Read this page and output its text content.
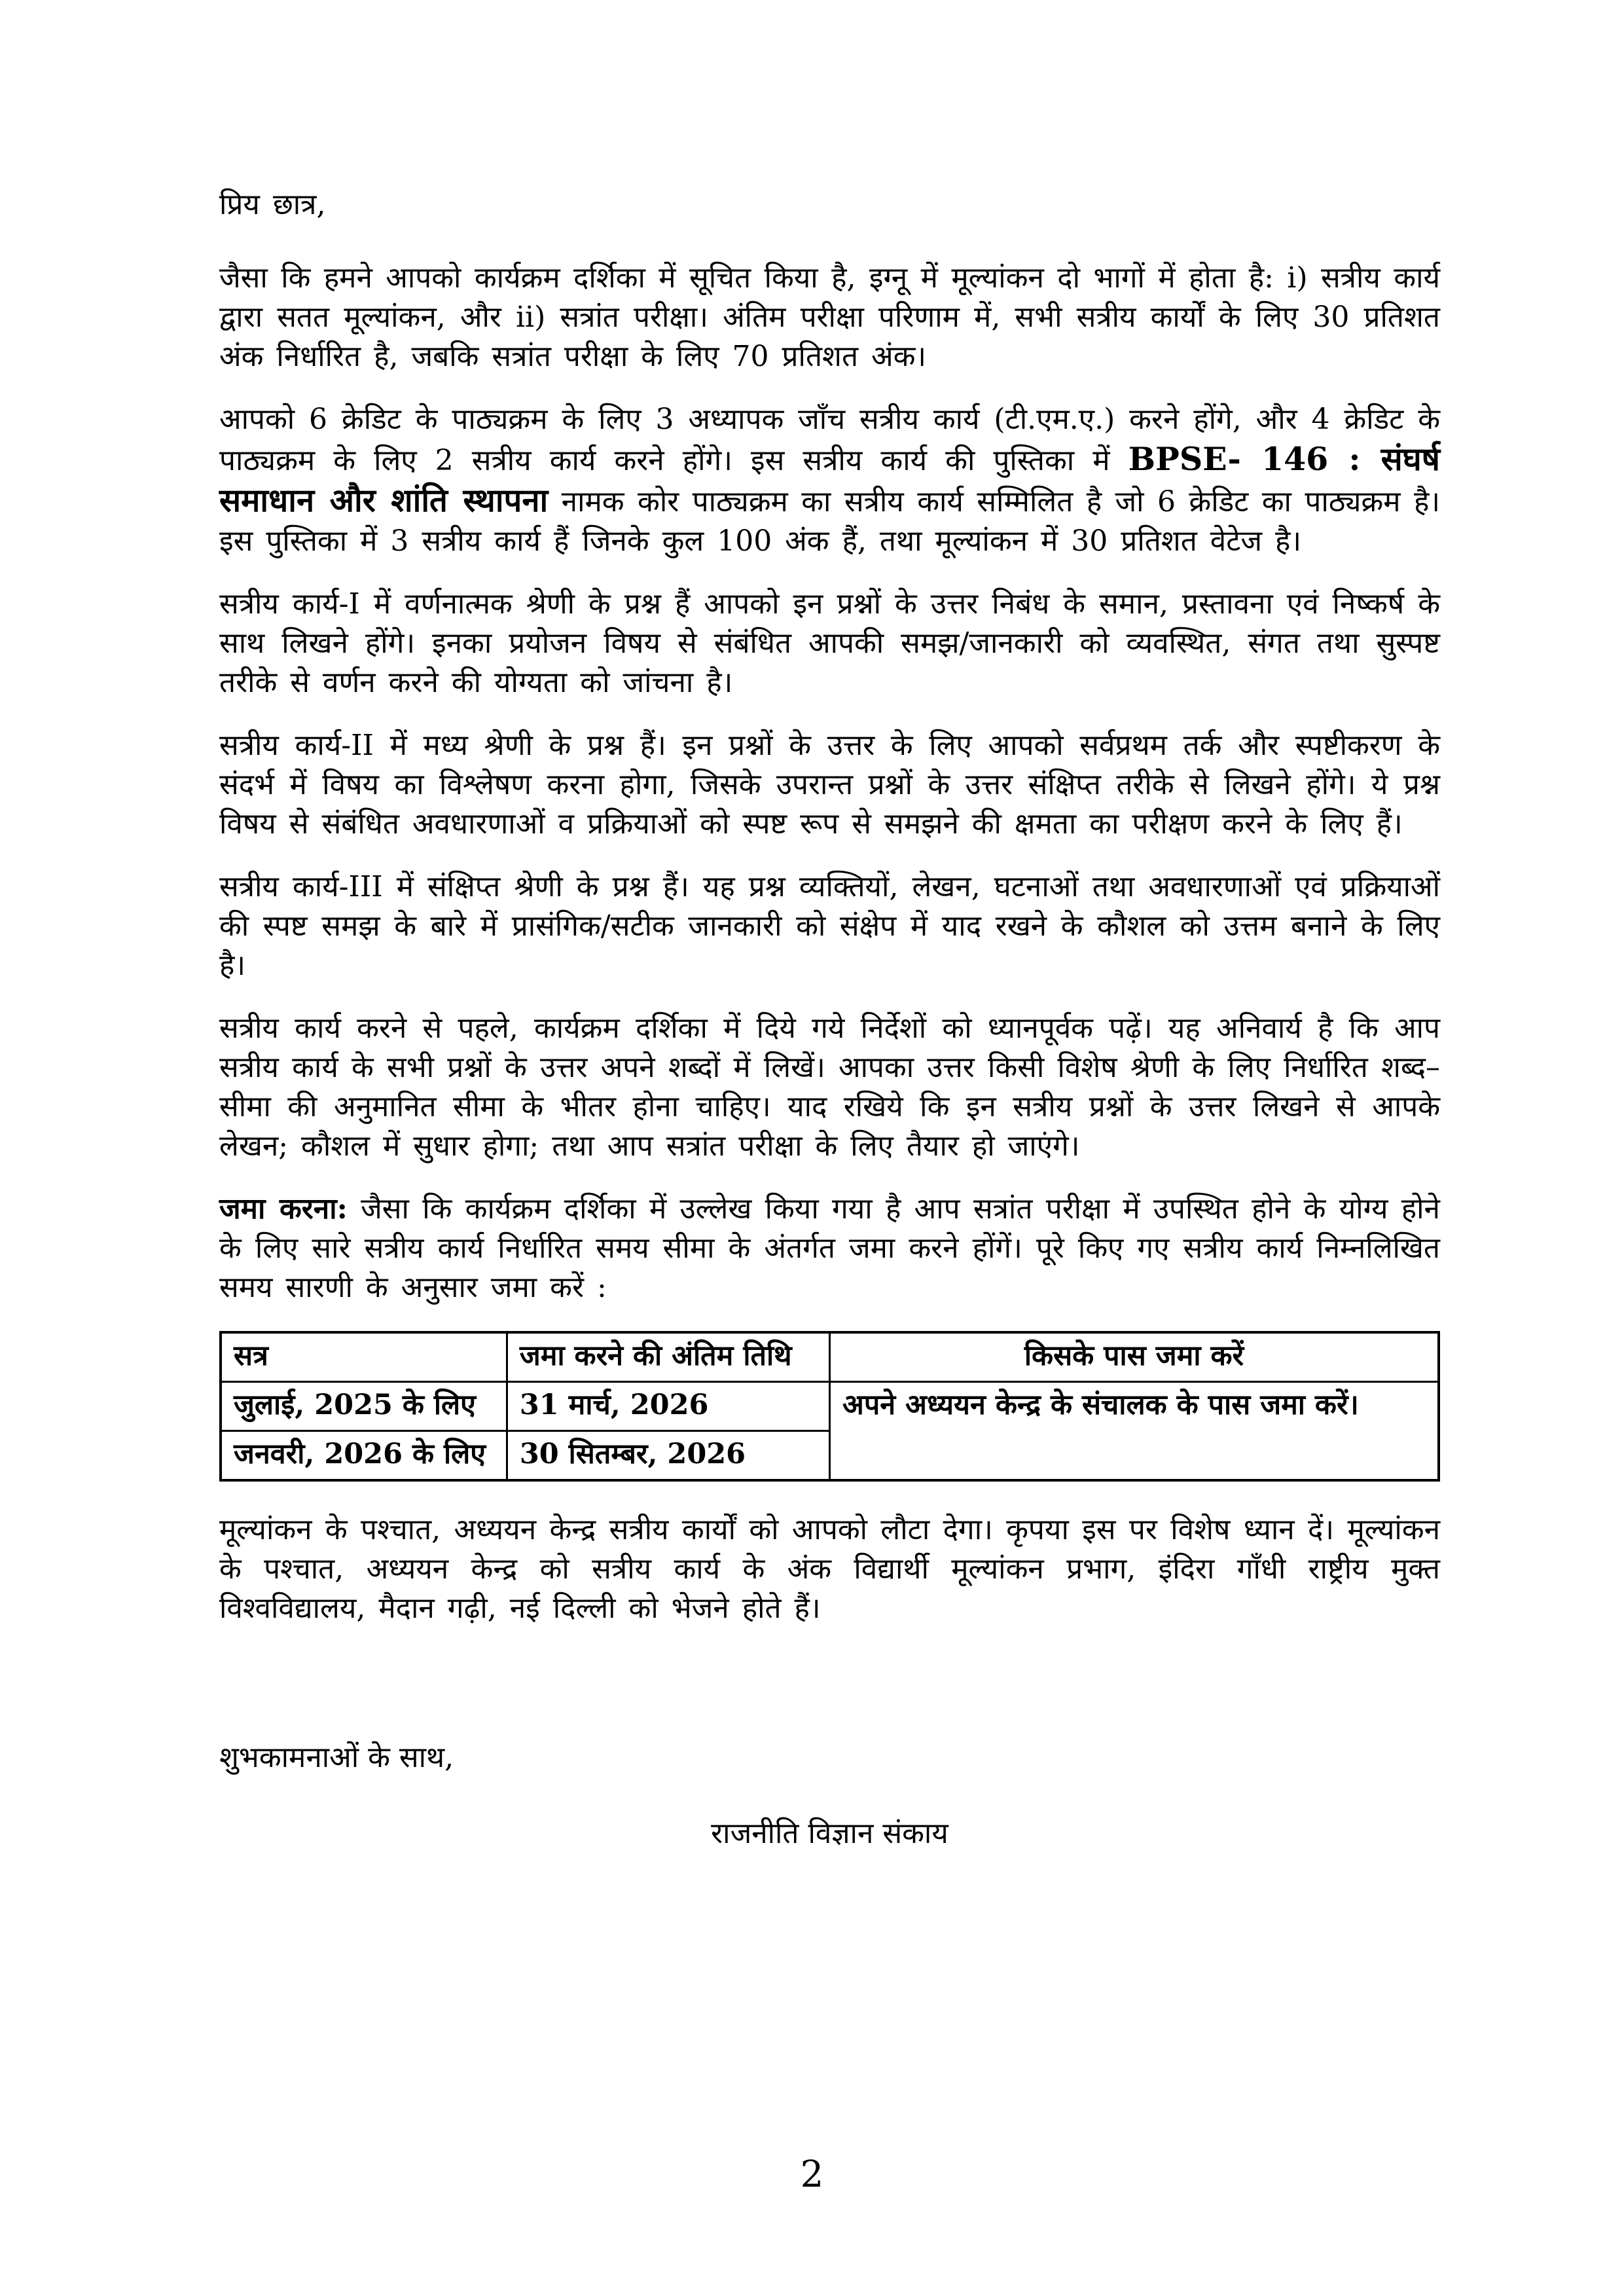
प्रिय छात्र,

जैसा कि हमने आपको कार्यक्रम दर्शिका में सूचित किया है, इग्नू में मूल्यांकन दो भागों में होता है: i) सत्रीय कार्य द्वारा सतत मूल्यांकन, और ii) सत्रांत परीक्षा। अंतिम परीक्षा परिणाम में, सभी सत्रीय कार्यों के लिए 30 प्रतिशत अंक निर्धारित है, जबकि सत्रांत परीक्षा के लिए 70 प्रतिशत अंक।

आपको 6 क्रेडिट के पाठ्यक्रम के लिए 3 अध्यापक जाँच सत्रीय कार्य (टी.एम.ए.) करने होंगे, और 4 क्रेडिट के पाठ्यक्रम के लिए 2 सत्रीय कार्य करने होंगे। इस सत्रीय कार्य की पुस्तिका में BPSE- 146 : संघर्ष समाधान और शांति स्थापना नामक कोर पाठ्यक्रम का सत्रीय कार्य सम्मिलित है जो 6 क्रेडिट का पाठ्यक्रम है। इस पुस्तिका में 3 सत्रीय कार्य हैं जिनके कुल 100 अंक हैं, तथा मूल्यांकन में 30 प्रतिशत वेटेज है।

सत्रीय कार्य-I में वर्णनात्मक श्रेणी के प्रश्न हैं आपको इन प्रश्नों के उत्तर निबंध के समान, प्रस्तावना एवं निष्कर्ष के साथ लिखने होंगे। इनका प्रयोजन विषय से संबंधित आपकी समझ/जानकारी को व्यवस्थित, संगत तथा सुस्पष्ट तरीके से वर्णन करने की योग्यता को जांचना है।

सत्रीय कार्य-II में मध्य श्रेणी के प्रश्न हैं। इन प्रश्नों के उत्तर के लिए आपको सर्वप्रथम तर्क और स्पष्टीकरण के संदर्भ में विषय का विश्लेषण करना होगा, जिसके उपरान्त प्रश्नों के उत्तर संक्षिप्त तरीके से लिखने होंगे। ये प्रश्न विषय से संबंधित अवधारणाओं व प्रक्रियाओं को स्पष्ट रूप से समझने की क्षमता का परीक्षण करने के लिए हैं।

सत्रीय कार्य-III में संक्षिप्त श्रेणी के प्रश्न हैं। यह प्रश्न व्यक्तियों, लेखन, घटनाओं तथा अवधारणाओं एवं प्रक्रियाओं की स्पष्ट समझ के बारे में प्रासंगिक/सटीक जानकारी को संक्षेप में याद रखने के कौशल को उत्तम बनाने के लिए है।

सत्रीय कार्य करने से पहले, कार्यक्रम दर्शिका में दिये गये निर्देशों को ध्यानपूर्वक पढ़ें। यह अनिवार्य है कि आप सत्रीय कार्य के सभी प्रश्नों के उत्तर अपने शब्दों में लिखें। आपका उत्तर किसी विशेष श्रेणी के लिए निर्धारित शब्द–सीमा की अनुमानित सीमा के भीतर होना चाहिए। याद रखिये कि इन सत्रीय प्रश्नों के उत्तर लिखने से आपके लेखन; कौशल में सुधार होगा; तथा आप सत्रांत परीक्षा के लिए तैयार हो जाएंगे।

जमा करना: जैसा कि कार्यक्रम दर्शिका में उल्लेख किया गया है आप सत्रांत परीक्षा में उपस्थित होने के योग्य होने के लिए सारे सत्रीय कार्य निर्धारित समय सीमा के अंतर्गत जमा करने होंगें। पूरे किए गए सत्रीय कार्य निम्नलिखित समय सारणी के अनुसार जमा करें :

सत्र	जमा करने की अंतिम तिथि	किसके पास जमा करें
जुलाई, 2025 के लिए	31 मार्च, 2026	अपने अध्ययन केन्द्र के संचालक के पास जमा करें।
जनवरी, 2026 के लिए	30 सितम्बर, 2026	

मूल्यांकन के पश्चात, अध्ययन केन्द्र सत्रीय कार्यों को आपको लौटा देगा। कृपया इस पर विशेष ध्यान दें। मूल्यांकन के पश्चात, अध्ययन केन्द्र को सत्रीय कार्य के अंक विद्यार्थी मूल्यांकन प्रभाग, इंदिरा गाँधी राष्ट्रीय मुक्त विश्वविद्यालय, मैदान गढ़ी, नई दिल्ली को भेजने होते हैं।

शुभकामनाओं के साथ,
राजनीति विज्ञान संकाय
2
